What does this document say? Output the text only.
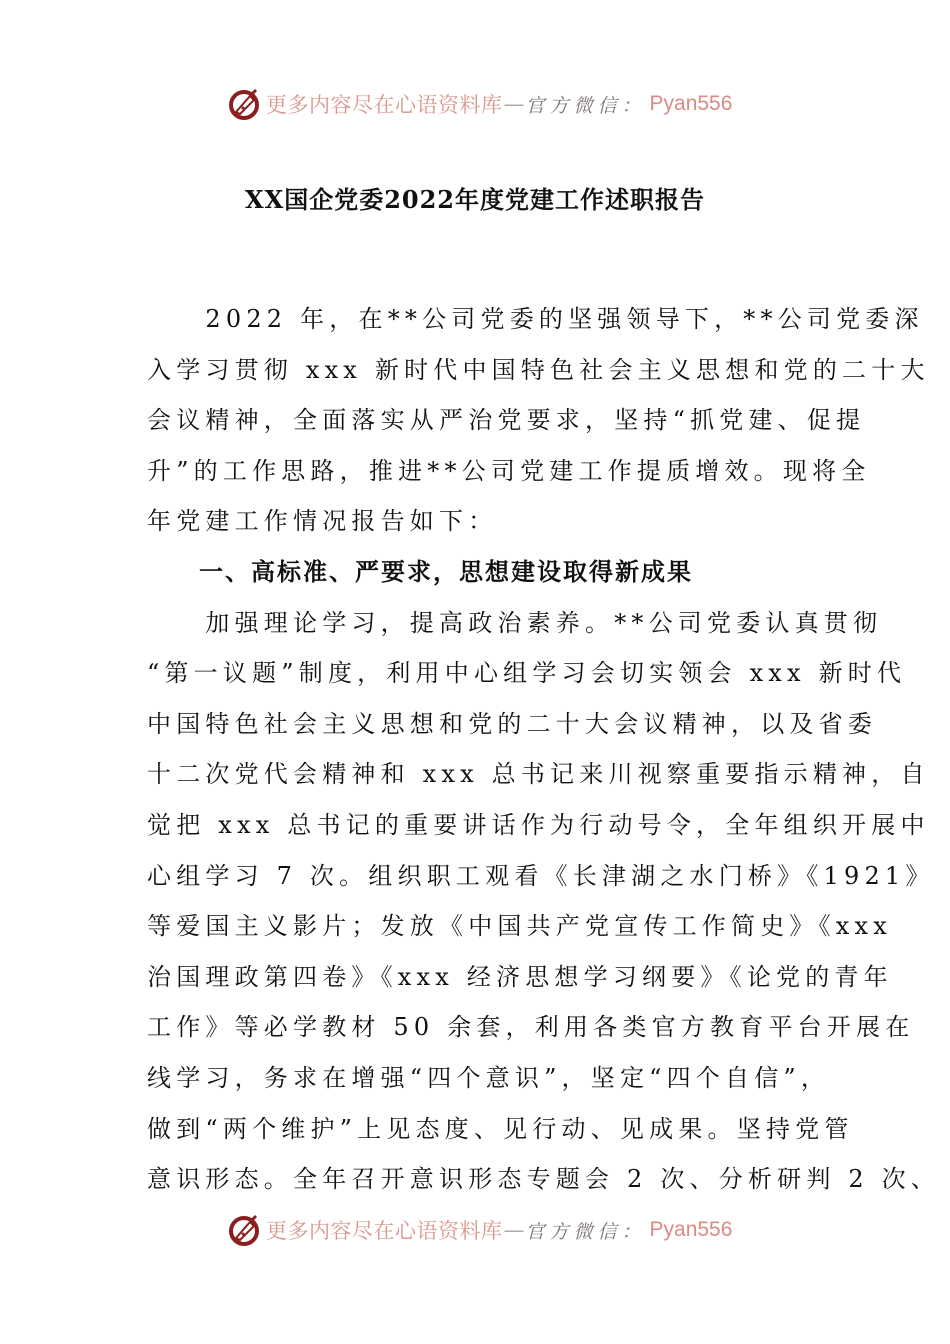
更多内容尽在心语资料库 — 官方微信： Pyan556
XX国企党委2022年度党建工作述职报告
　　2022 年，在**公司党委的坚强领导下，**公司党委深
入学习贯彻 xxx 新时代中国特色社会主义思想和党的二十大
会议精神，全面落实从严治党要求，坚持“抓党建、促提
升”的工作思路，推进**公司党建工作提质增效。现将全
年党建工作情况报告如下：
　　一、高标准、严要求，思想建设取得新成果
　　加强理论学习，提高政治素养。**公司党委认真贯彻
“第一议题”制度，利用中心组学习会切实领会 xxx 新时代
中国特色社会主义思想和党的二十大会议精神，以及省委
十二次党代会精神和 xxx 总书记来川视察重要指示精神，自
觉把 xxx 总书记的重要讲话作为行动号令，全年组织开展中
心组学习 7 次。组织职工观看《长津湖之水门桥》《1921》
等爱国主义影片；发放《中国共产党宣传工作简史》《xxx
治国理政第四卷》《xxx 经济思想学习纲要》《论党的青年
工作》等必学教材 50 余套，利用各类官方教育平台开展在
线学习，务求在增强“四个意识”，坚定“四个自信”，
做到“两个维护”上见态度、见行动、见成果。坚持党管
意识形态。全年召开意识形态专题会 2 次、分析研判 2 次、
更多内容尽在心语资料库 — 官方微信： Pyan556
